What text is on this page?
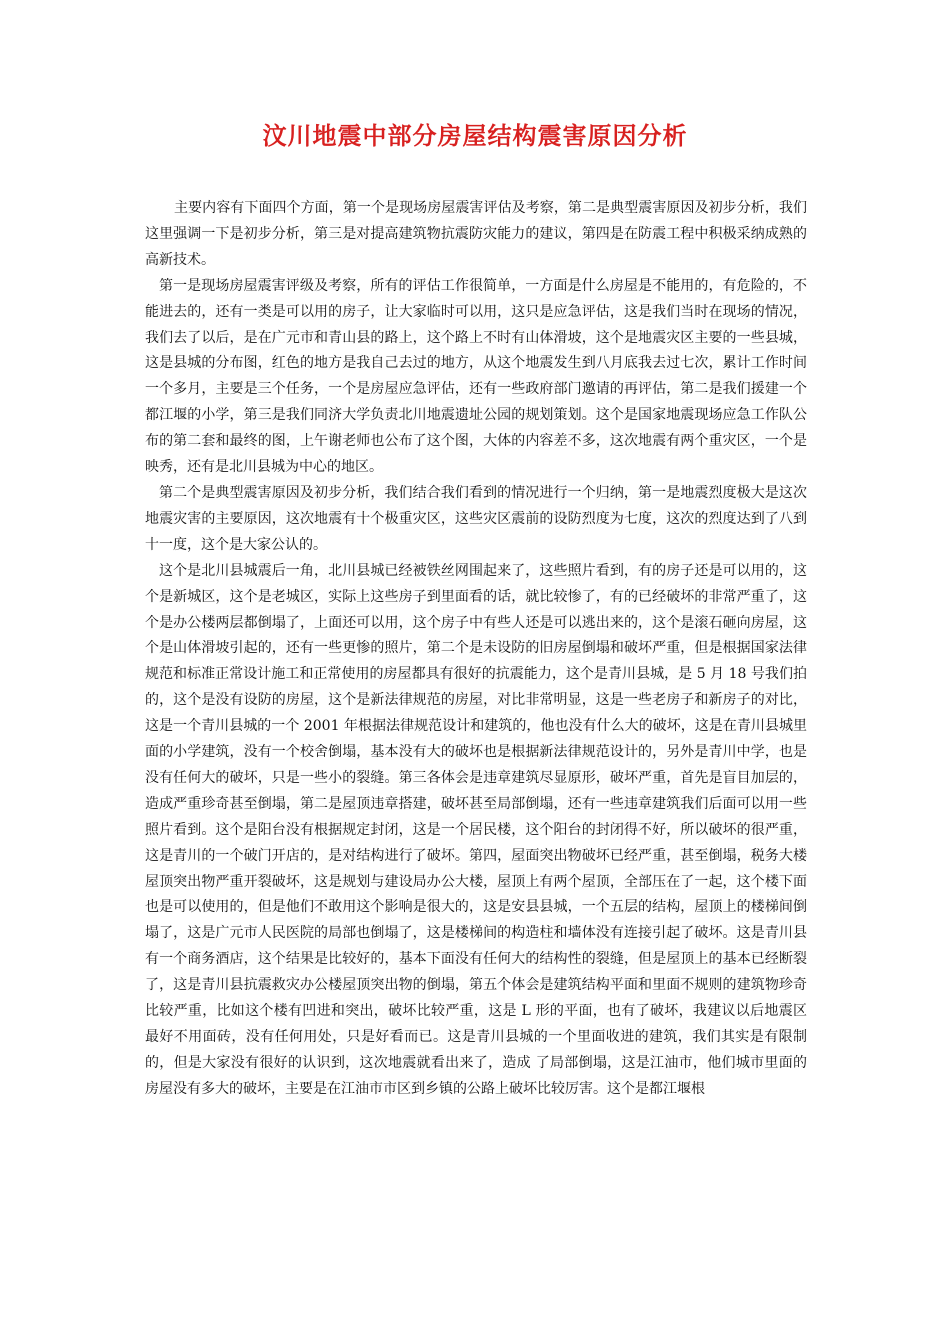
汶川地震中部分房屋结构震害原因分析

主要内容有下面四个方面，第一个是现场房屋震害评估及考察，第二是典型震害原因及初步分析，我们这里强调一下是初步分析，第三是对提高建筑物抗震防灾能力的建议，第四是在防震工程中积极采纳成熟的高新技术。

第一是现场房屋震害评级及考察，所有的评估工作很简单，一方面是什么房屋是不能用的，有危险的，不能进去的，还有一类是可以用的房子，让大家临时可以用，这只是应急评估，这是我们当时在现场的情况，我们去了以后，是在广元市和青山县的路上，这个路上不时有山体滑坡，这个是地震灾区主要的一些县城，这是县城的分布图，红色的地方是我自己去过的地方，从这个地震发生到八月底我去过七次，累计工作时间一个多月，主要是三个任务，一个是房屋应急评估，还有一些政府部门邀请的再评估，第二是我们援建一个都江堰的小学，第三是我们同济大学负责北川地震遗址公园的规划策划。这个是国家地震现场应急工作队公布的第二套和最终的图，上午谢老师也公布了这个图，大体的内容差不多，这次地震有两个重灾区，一个是映秀，还有是北川县城为中心的地区。

第二个是典型震害原因及初步分析，我们结合我们看到的情况进行一个归纳，第一是地震烈度极大是这次地震灾害的主要原因，这次地震有十个极重灾区，这些灾区震前的设防烈度为七度，这次的烈度达到了八到十一度，这个是大家公认的。

这个是北川县城震后一角，北川县城已经被铁丝网围起来了，这些照片看到，有的房子还是可以用的，这个是新城区，这个是老城区，实际上这些房子到里面看的话，就比较惨了，有的已经破坏的非常严重了，这个是办公楼两层都倒塌了，上面还可以用，这个房子中有些人还是可以逃出来的，这个是滚石砸向房屋，这个是山体滑坡引起的，还有一些更惨的照片，第二个是未设防的旧房屋倒塌和破坏严重，但是根据国家法律规范和标准正常设计施工和正常使用的房屋都具有很好的抗震能力，这个是青川县城，是 5 月 18 号我们拍的，这个是没有设防的房屋，这个是新法律规范的房屋，对比非常明显，这是一些老房子和新房子的对比，这是一个青川县城的一个 2001 年根据法律规范设计和建筑的，他也没有什么大的破坏，这是在青川县城里面的小学建筑，没有一个校舍倒塌，基本没有大的破坏也是根据新法律规范设计的，另外是青川中学，也是没有任何大的破坏，只是一些小的裂缝。第三各体会是违章建筑尽显原形，破坏严重，首先是盲目加层的，造成严重珍奇甚至倒塌，第二是屋顶违章搭建，破坏甚至局部倒塌，还有一些违章建筑我们后面可以用一些照片看到。这个是阳台没有根据规定封闭，这是一个居民楼，这个阳台的封闭得不好，所以破坏的很严重，这是青川的一个破门开店的，是对结构进行了破坏。第四，屋面突出物破坏已经严重，甚至倒塌，税务大楼屋顶突出物严重开裂破坏，这是规划与建设局办公大楼，屋顶上有两个屋顶，全部压在了一起，这个楼下面也是可以使用的，但是他们不敢用这个影响是很大的，这是安县县城，一个五层的结构，屋顶上的楼梯间倒塌了，这是广元市人民医院的局部也倒塌了，这是楼梯间的构造柱和墙体没有连接引起了破坏。这是青川县有一个商务酒店，这个结果是比较好的，基本下面没有任何大的结构性的裂缝，但是屋顶上的基本已经断裂了，这是青川县抗震救灾办公楼屋顶突出物的倒塌，第五个体会是建筑结构平面和里面不规则的建筑物珍奇比较严重，比如这个楼有凹进和突出，破坏比较严重，这是 L 形的平面，也有了破坏，我建议以后地震区最好不用面砖，没有任何用处，只是好看而已。这是青川县城的一个里面收进的建筑，我们其实是有限制的，但是大家没有很好的认识到，这次地震就看出来了，造成 了局部倒塌，这是江油市，他们城市里面的房屋没有多大的破坏，主要是在江油市市区到乡镇的公路上破坏比较厉害。这个是都江堰根
